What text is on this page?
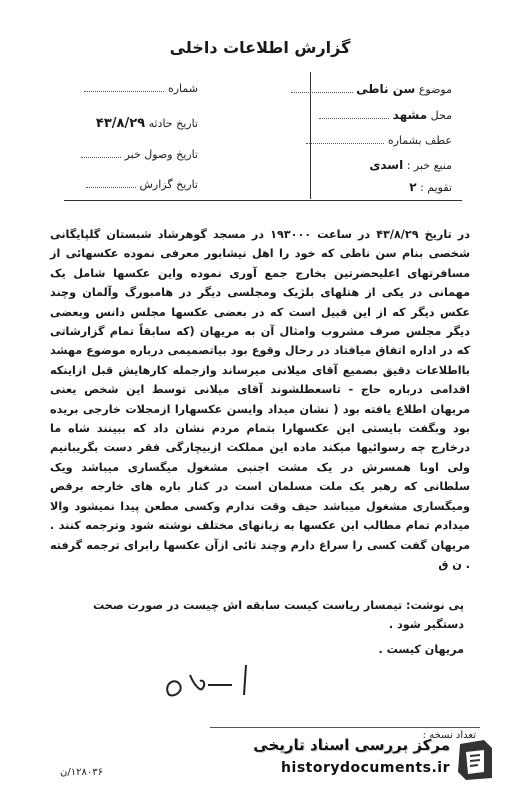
گزارش اطلاعات داخلی
موضوع سن ناطی
محل مشهد
عطف بشماره
منبع خبر : اسدی
تقویم : ۲
شماره
تاریخ حادثه ۴۳/۸/۲۹
تاریخ وصول خبر
تاریخ گزارش
در تاریخ ۴۳/۸/۲۹ در ساعت ۱۹۳۰۰۰ در مسجد گوهرشاد شبستان گلپایگانی شخصی بنام سن ناطی که خود را اهل نیشابور معرفی نموده عکسهائی از مسافرتهای اعلیحضرتین بخارج جمع آوری نموده واین عکسها شامل یک مهمانی در یکی از هتلهای بلژیک ومجلسی دیگر در هامبورگ وآلمان وچند عکس دیگر که از این قبیل است که در بعضی عکسها مجلس دانس وبعضی دیگر مجلس صرف مشروب وامثال آن به مریهان (که سابقاً تمام گزارشاتی که در اداره اتفاق میافتاد در رحال وقوع بود بیاتصمیمی درباره موضوع مهشد بااطلاعات دقیق بصمیع آقای میلانی میرساند وازجمله کارهایش قبل ازاینکه اقدامی درباره حاج - تاسعطلشوند آقای میلانی توسط این شخص یعنی مریهان اطلاع یافته بود ( نشان میداد وایسن عکسهارا ازمجلات خارجی بریده بود وبگفت بایستی این عکسهارا بتمام مردم نشان داد که ببینند شاه ما درخارج چه رسوائیها میکند ماده این مملکت ازبیچارگی فقر دست بگریبانیم ولی اوبا همسرش در یک مشت اجنبی مشغول میگساری میباشد ویک سلطانی که رهبر یک ملت مسلمان است در کنار باره های خارجه برقص ومیگساری مشغول میباشد حیف وقت ندارم وکسی مطعن پیدا نمیشود والا میدادم تمام مطالب این عکسها به زبانهای مختلف نوشته شود وترجمه کنند . مریهان گفت کسی را سراغ دارم وچند تائی ازآن عکسها رابرای ترجمه گرفته . ن ق
پی نوشت: تیمسار ریاست کیست سابقه اش چیست در صورت صحت دستگیر شود .
مریهان کیست .
تعداد نسخه :
۱۲۸۰۳۶/ن
مرکز بررسی اسناد تاریخی
historydocuments.ir
